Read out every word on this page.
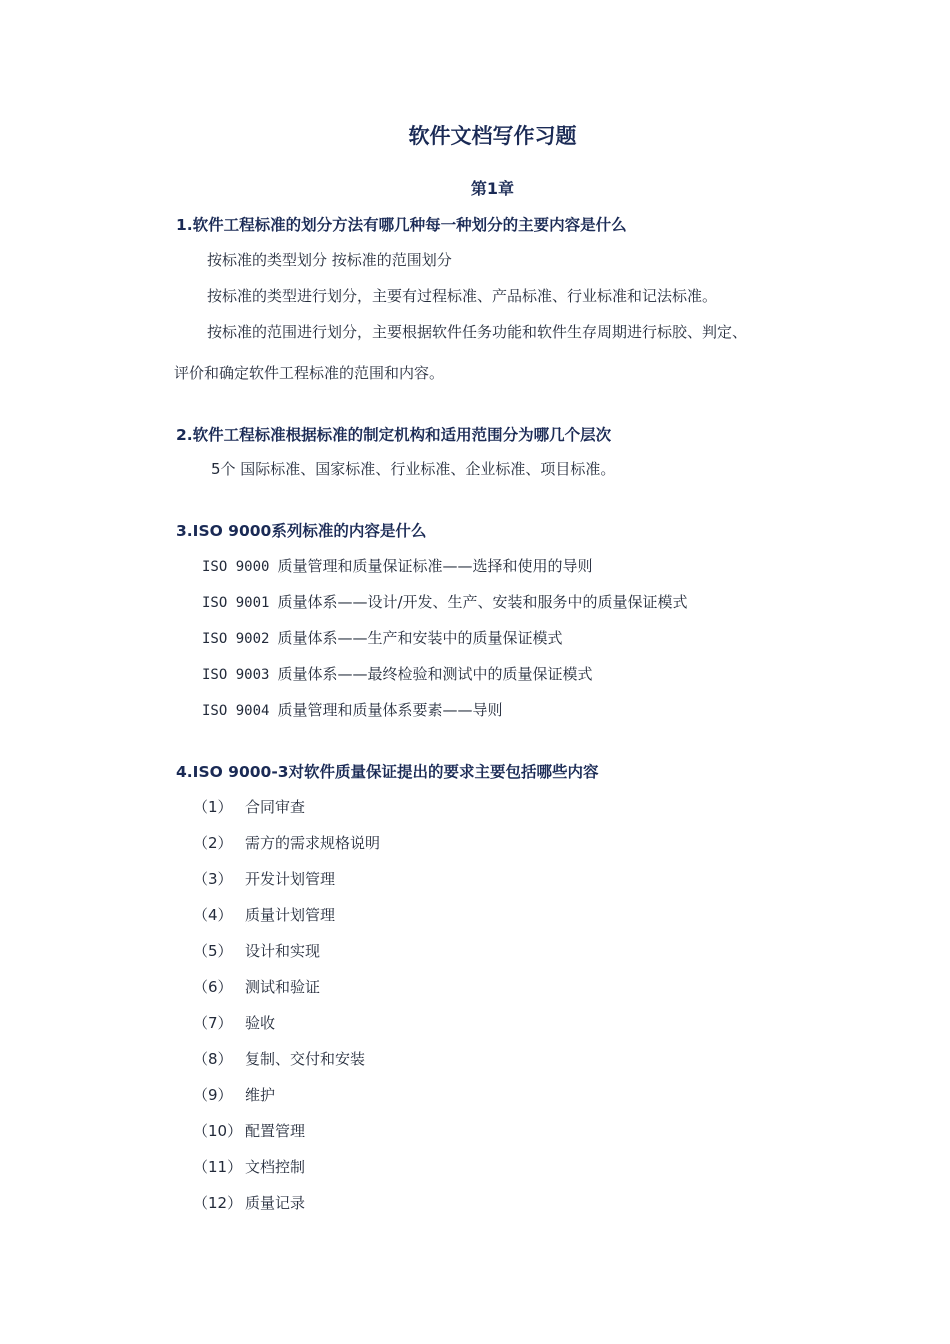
软件文档写作习题
第1章
1.软件工程标准的划分方法有哪几种每一种划分的主要内容是什么
按标准的类型划分 按标准的范围划分
按标准的类型进行划分，主要有过程标准、产品标准、行业标准和记法标准。
按标准的范围进行划分，主要根据软件任务功能和软件生存周期进行标胶、判定、
评价和确定软件工程标准的范围和内容。
2.软件工程标准根据标准的制定机构和适用范围分为哪几个层次
5个 国际标准、国家标准、行业标准、企业标准、项目标准。
3.ISO 9000系列标准的内容是什么
ISO 9000 质量管理和质量保证标准——选择和使用的导则
ISO 9001 质量体系——设计/开发、生产、安装和服务中的质量保证模式
ISO 9002 质量体系——生产和安装中的质量保证模式
ISO 9003 质量体系——最终检验和测试中的质量保证模式
ISO 9004 质量管理和质量体系要素——导则
4.ISO 9000-3对软件质量保证提出的要求主要包括哪些内容
（1） 合同审查
（2） 需方的需求规格说明
（3） 开发计划管理
（4） 质量计划管理
（5） 设计和实现
（6） 测试和验证
（7） 验收
（8） 复制、交付和安装
（9） 维护
（10） 配置管理
（11） 文档控制
（12） 质量记录
